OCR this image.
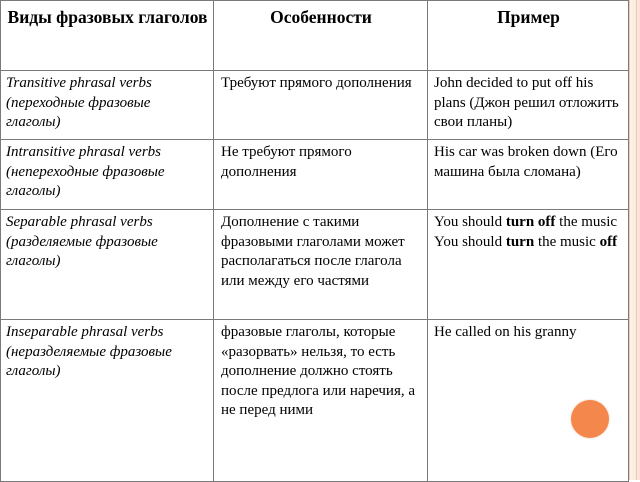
Виды фразовых глаголов	Особенности	Пример

Transitive phrasal verbs
(переходные фразовые глаголы)	Требуют прямого дополнения	John decided to put off his plans (Джон решил отложить свои планы)

Intransitive phrasal verbs
(непереходные фразовые глаголы)	Не требуют прямого дополнения	His car was broken down (Его машина была сломана)

Separable phrasal verbs
(разделяемые фразовые глаголы)	Дополнение с такими фразовыми глаголами может располагаться после глагола или между его частями	You should turn off the music
You should turn the music off

Inseparable phrasal verbs
(неразделяемые фразовые глаголы)	фразовые глаголы, которые «разорвать» нельзя, то есть дополнение должно стоять после предлога или наречия, а не перед ними	He called on his granny
